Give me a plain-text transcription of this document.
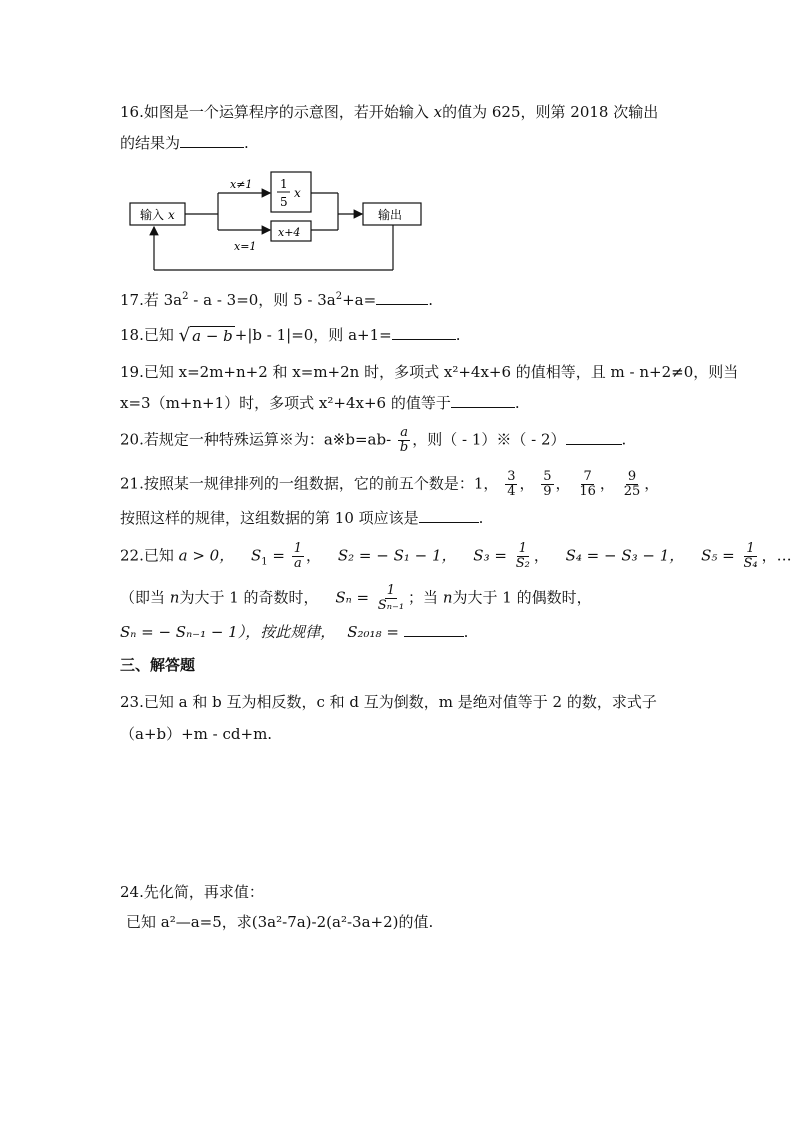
16.如图是一个运算程序的示意图，若开始输入 x的值为 625，则第 2018 次输出
的结果为	.
输入 x
x≠1
x=1
1
5
x
x+4
输出
17.若 $3a^2 - a - 3=0$，则 $5 - 3a^2+a=$	.
18.已知 √ a − b +|b - 1|=0，则 a+1=	.
19.已知 x=2m+n+2 和 x=m+2n 时，多项式 x²+4x+6 的值相等，且 m - n+2≠0，则当
x=3（m+n+1）时，多项式 x²+4x+6 的值等于	.
20.若规定一种特殊运算※为：a※b=ab- $\frac{a}{b}$ ，则（ - 1）※（ - 2）	.
21.按照某一规律排列的一组数据，它的前五个数是：1， $\frac{3}{4}$ ， $\frac{5}{9}$ ， $\frac{7}{16}$ ， $\frac{9}{25}$ ，
按照这样的规律，这组数据的第 10 项应该是	.
22.已知 a > 0， $S_1 = \frac{1}{a}$ ， S₂ = − S₁ − 1， $S_3 = \frac{1}{\text{S₂}}$ ， S₄ = − S₃ − 1， $S_5 = \frac{1}{\text{S₄}}$ ，…
（即当 n为大于 1 的奇数时， $S_n = \frac{1}{\text{Sₙ₋₁}}$ ；当 n为大于 1 的偶数时，
Sₙ = − Sₙ₋₁ − 1），按此规律， S₂₀₁₈ =	.
三、解答题
23.已知 a 和 b 互为相反数，c 和 d 互为倒数，m 是绝对值等于 2 的数，求式子
（a+b）+m - cd+m.
24.先化简，再求值：
已知 a²—a=5，求(3a²-7a)-2(a²-3a+2)的值.
